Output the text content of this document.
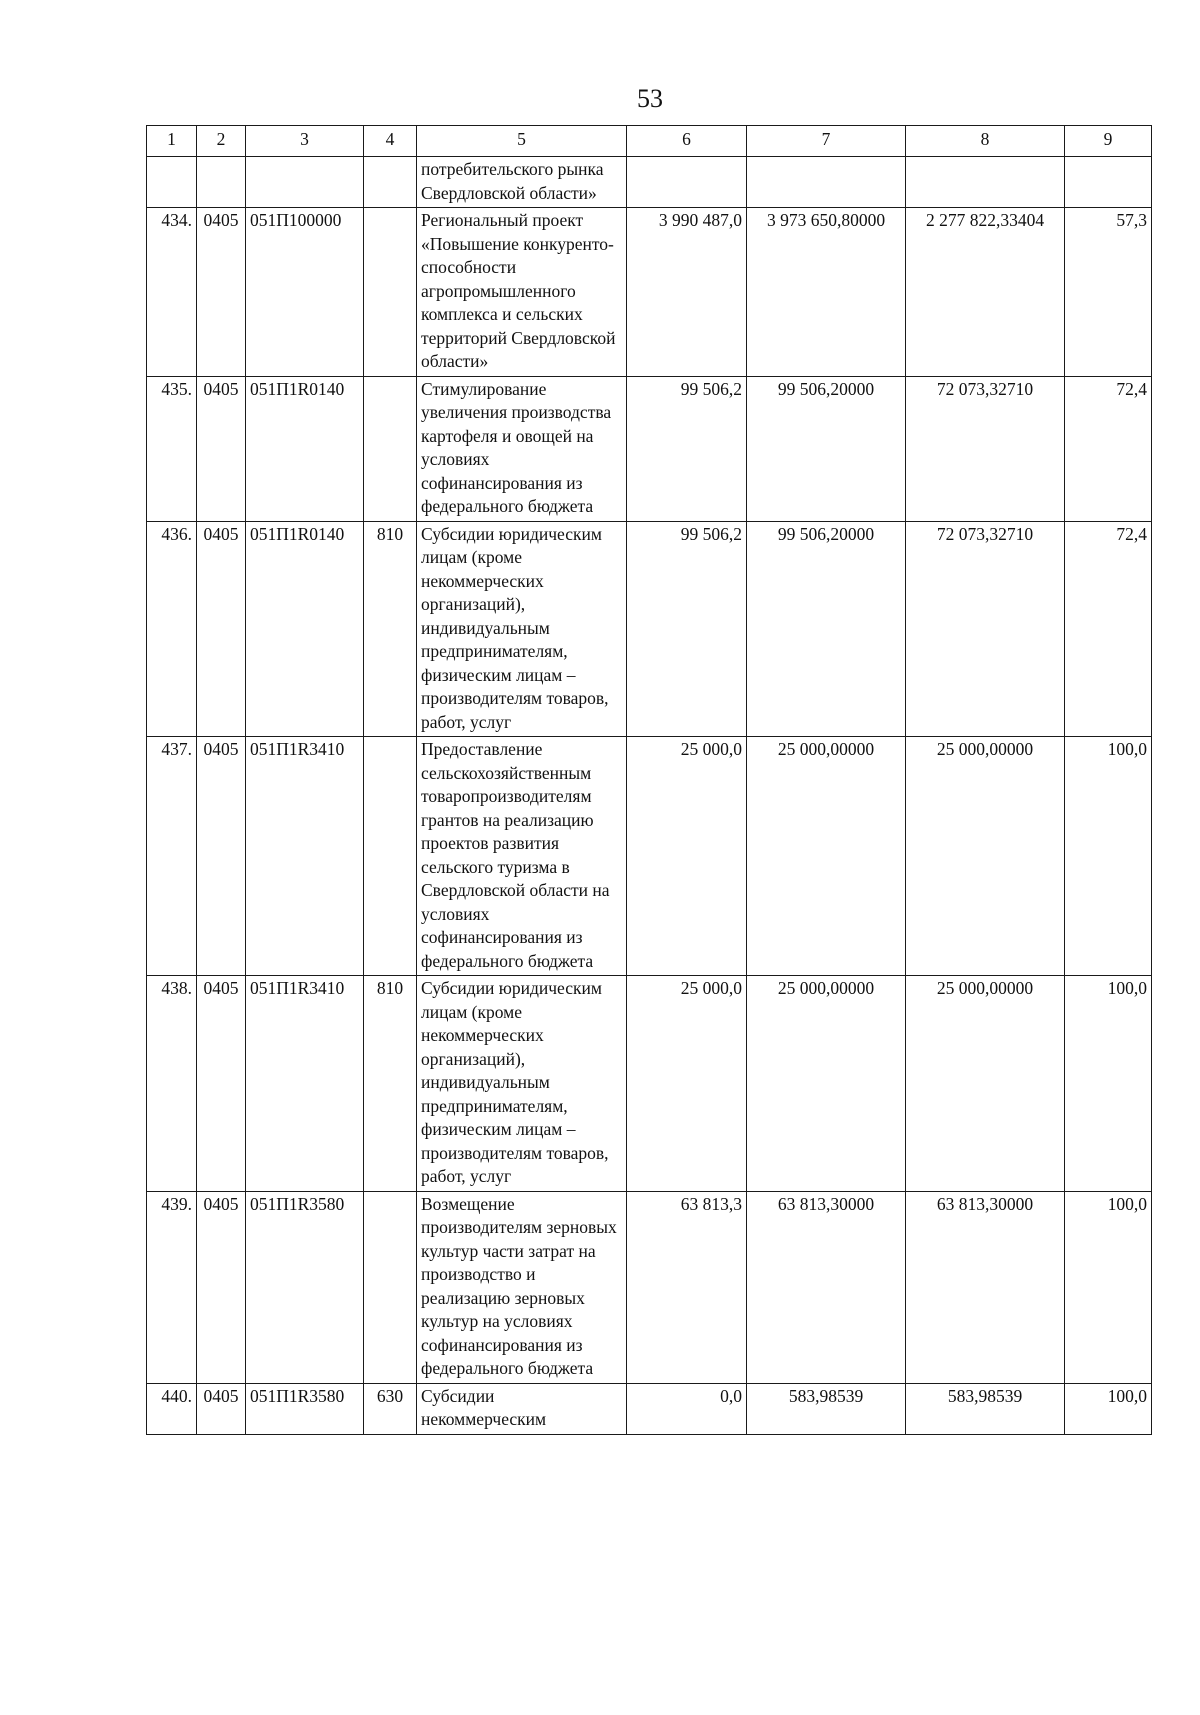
53
1	2	3	4	5	6	7	8	9
				потребительского рынка Свердловской области»				
434.	0405	051П100000		Региональный проект «Повышение конкуренто-способности агропромышленного комплекса и сельских территорий Свердловской области»	3 990 487,0	3 973 650,80000	2 277 822,33404	57,3
435.	0405	051П1R0140		Стимулирование увеличения производства картофеля и овощей на условиях софинансирования из федерального бюджета	99 506,2	99 506,20000	72 073,32710	72,4
436.	0405	051П1R0140	810	Субсидии юридическим лицам (кроме некоммерческих организаций), индивидуальным предпринимателям, физическим лицам – производителям товаров, работ, услуг	99 506,2	99 506,20000	72 073,32710	72,4
437.	0405	051П1R3410		Предоставление сельскохозяйственным товаропроизводителям грантов на реализацию проектов развития сельского туризма в Свердловской области на условиях софинансирования из федерального бюджета	25 000,0	25 000,00000	25 000,00000	100,0
438.	0405	051П1R3410	810	Субсидии юридическим лицам (кроме некоммерческих организаций), индивидуальным предпринимателям, физическим лицам – производителям товаров, работ, услуг	25 000,0	25 000,00000	25 000,00000	100,0
439.	0405	051П1R3580		Возмещение производителям зерновых культур части затрат на производство и реализацию зерновых культур на условиях софинансирования из федерального бюджета	63 813,3	63 813,30000	63 813,30000	100,0
440.	0405	051П1R3580	630	Субсидии некоммерческим	0,0	583,98539	583,98539	100,0
